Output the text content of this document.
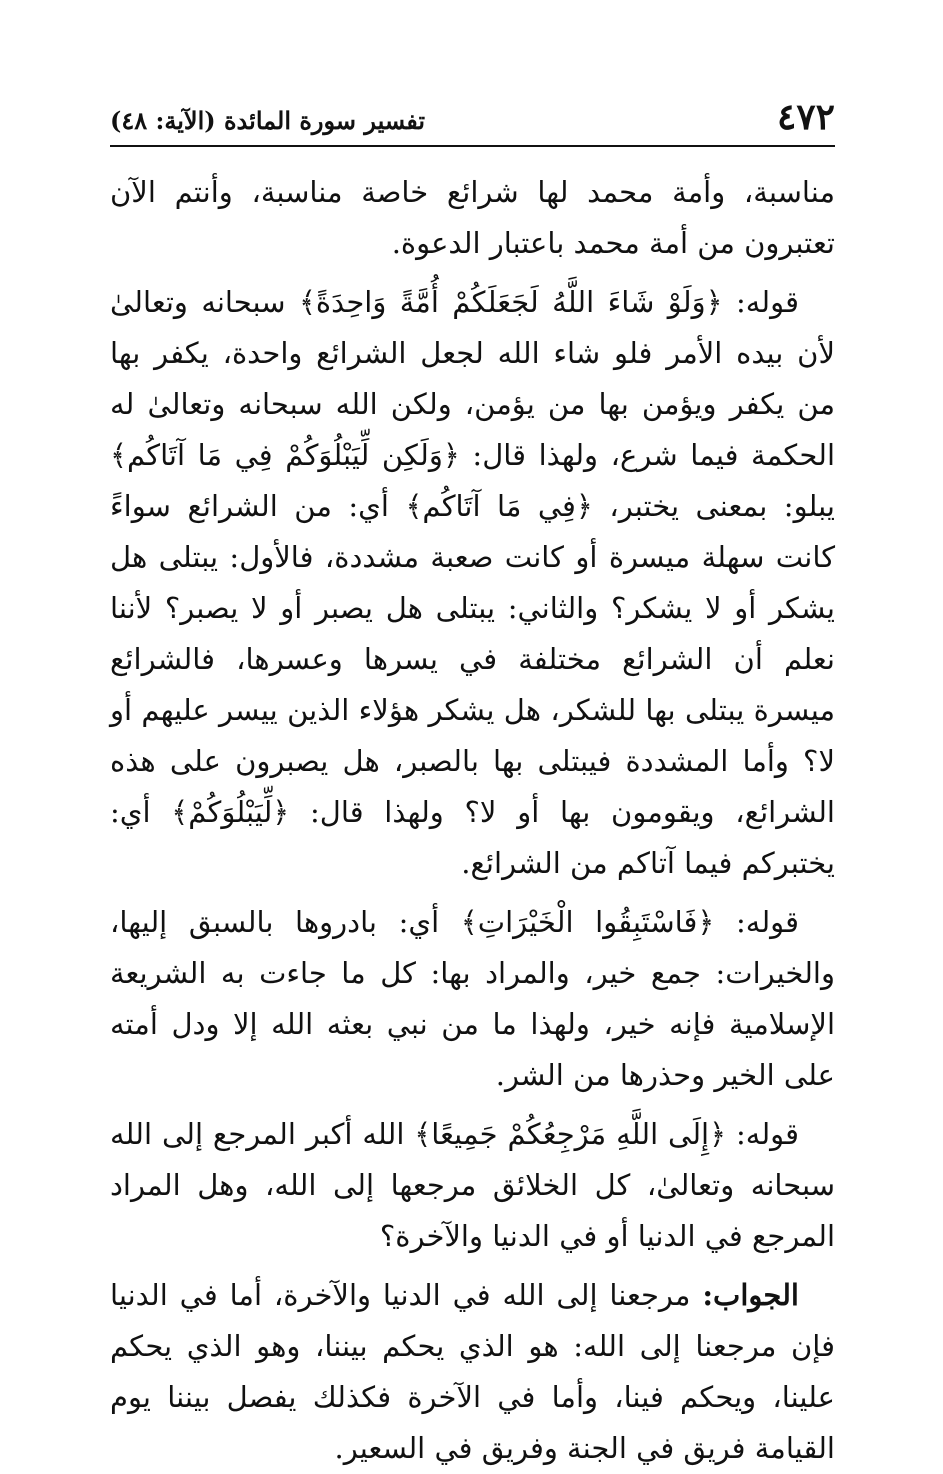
٤٧٢
تفسير سورة المائدة (الآية: ٤٨)

مناسبة، وأمة محمد لها شرائع خاصة مناسبة، وأنتم الآن تعتبرون من أمة محمد باعتبار الدعوة.

قوله: ﴿وَلَوْ شَاءَ اللَّهُ لَجَعَلَكُمْ أُمَّةً وَاحِدَةً﴾ سبحانه وتعالىٰ لأن بيده الأمر فلو شاء الله لجعل الشرائع واحدة، يكفر بها من يكفر ويؤمن بها من يؤمن، ولكن الله سبحانه وتعالىٰ له الحكمة فيما شرع، ولهذا قال: ﴿وَلَكِن لِّيَبْلُوَكُمْ فِي مَا آتَاكُم﴾ يبلو: بمعنى يختبر، ﴿فِي مَا آتَاكُم﴾ أي: من الشرائع سواءً كانت سهلة ميسرة أو كانت صعبة مشددة، فالأول: يبتلى هل يشكر أو لا يشكر؟ والثاني: يبتلى هل يصبر أو لا يصبر؟ لأننا نعلم أن الشرائع مختلفة في يسرها وعسرها، فالشرائع ميسرة يبتلى بها للشكر، هل يشكر هؤلاء الذين ييسر عليهم أو لا؟ وأما المشددة فيبتلى بها بالصبر، هل يصبرون على هذه الشرائع، ويقومون بها أو لا؟ ولهذا قال: ﴿لِّيَبْلُوَكُمْ﴾ أي: يختبركم فيما آتاكم من الشرائع.

قوله: ﴿فَاسْتَبِقُوا الْخَيْرَاتِ﴾ أي: بادروها بالسبق إليها، والخيرات: جمع خير، والمراد بها: كل ما جاءت به الشريعة الإسلامية فإنه خير، ولهذا ما من نبي بعثه الله إلا ودل أمته على الخير وحذرها من الشر.

قوله: ﴿إِلَى اللَّهِ مَرْجِعُكُمْ جَمِيعًا﴾ الله أكبر المرجع إلى الله سبحانه وتعالىٰ، كل الخلائق مرجعها إلى الله، وهل المراد المرجع في الدنيا أو في الدنيا والآخرة؟

الجواب: مرجعنا إلى الله في الدنيا والآخرة، أما في الدنيا فإن مرجعنا إلى الله: هو الذي يحكم بيننا، وهو الذي يحكم علينا، ويحكم فينا، وأما في الآخرة فكذلك يفصل بيننا يوم القيامة فريق في الجنة وفريق في السعير.
